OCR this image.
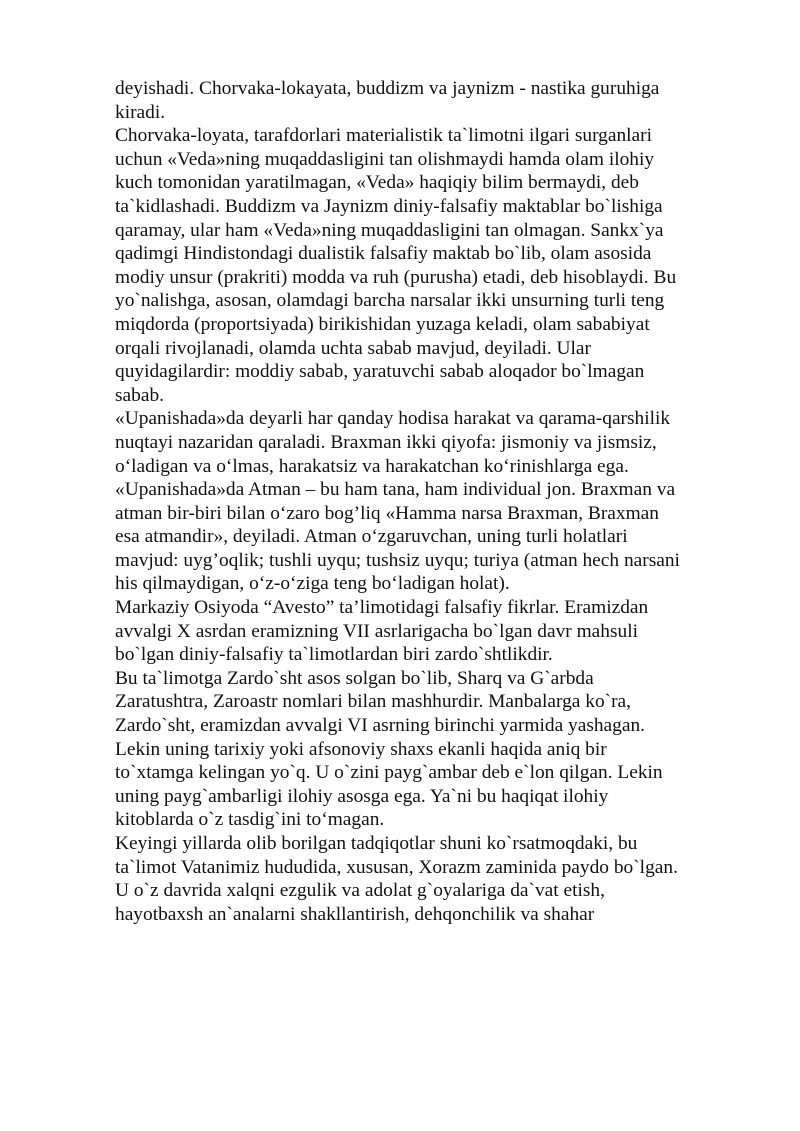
deyishadi. Chorvaka-lokayata, buddizm va jaynizm - nastika guruhiga
kiradi.
Chorvaka-loyata, tarafdorlari materialistik ta`limotni ilgari surganlari
uchun «Veda»ning muqaddasligini tan olishmaydi hamda olam ilohiy
kuch tomonidan yaratilmagan, «Veda» haqiqiy bilim bermaydi, deb
ta`kidlashadi. Buddizm va Jaynizm diniy-falsafiy maktablar bo`lishiga
qaramay, ular ham «Veda»ning muqaddasligini tan olmagan. Sankx`ya
qadimgi Hindistondagi dualistik falsafiy maktab bo`lib, olam asosida
modiy unsur (prakriti) modda va ruh (purusha) etadi, deb hisoblaydi. Bu
yo`nalishga, asosan, olamdagi barcha narsalar ikki unsurning turli teng
miqdorda (proportsiyada) birikishidan yuzaga keladi, olam sababiyat
orqali rivojlanadi, olamda uchta sabab mavjud, deyiladi. Ular
quyidagilardir: moddiy sabab, yaratuvchi sabab aloqador bo`lmagan
sabab.
«Upanishada»da deyarli har qanday hodisa harakat va qarama-qarshilik
nuqtayi nazaridan qaraladi. Braxman ikki qiyofa: jismoniy va jismsiz,
o‘ladigan va o‘lmas, harakatsiz va harakatchan ko‘rinishlarga ega.
«Upanishada»da Atman – bu ham tana, ham individual jon. Braxman va
atman bir-biri bilan o‘zaro bog’liq «Hamma narsa Braxman, Braxman
esa atmandir», deyiladi. Atman o‘zgaruvchan, uning turli holatlari
mavjud: uyg’oqlik; tushli uyqu; tushsiz uyqu; turiya (atman hech narsani
his qilmaydigan, o‘z-o‘ziga teng bo‘ladigan holat).
Markaziy Osiyoda “Avesto” ta’limotidagi falsafiy fikrlar. Eramizdan
avvalgi X asrdan eramizning VII asrlarigacha bo`lgan davr mahsuli
bo`lgan diniy-falsafiy ta`limotlardan biri zardo`shtlikdir.
Bu ta`limotga Zardo`sht asos solgan bo`lib, Sharq va G`arbda
Zaratushtra, Zaroastr nomlari bilan mashhurdir. Manbalarga ko`ra,
Zardo`sht, eramizdan avvalgi VI asrning birinchi yarmida yashagan.
Lekin uning tarixiy yoki afsonoviy shaxs ekanli haqida aniq bir
to`xtamga kelingan yo`q. U o`zini payg`ambar deb e`lon qilgan. Lekin
uning payg`ambarligi ilohiy asosga ega. Ya`ni bu haqiqat ilohiy
kitoblarda o`z tasdig`ini to‘magan.
Keyingi yillarda olib borilgan tadqiqotlar shuni ko`rsatmoqdaki, bu
ta`limot Vatanimiz hududida, xususan, Xorazm zaminida paydo bo`lgan.
U o`z davrida xalqni ezgulik va adolat g`oyalariga da`vat etish,
hayotbaxsh an`analarni shakllantirish, dehqonchilik va shahar
